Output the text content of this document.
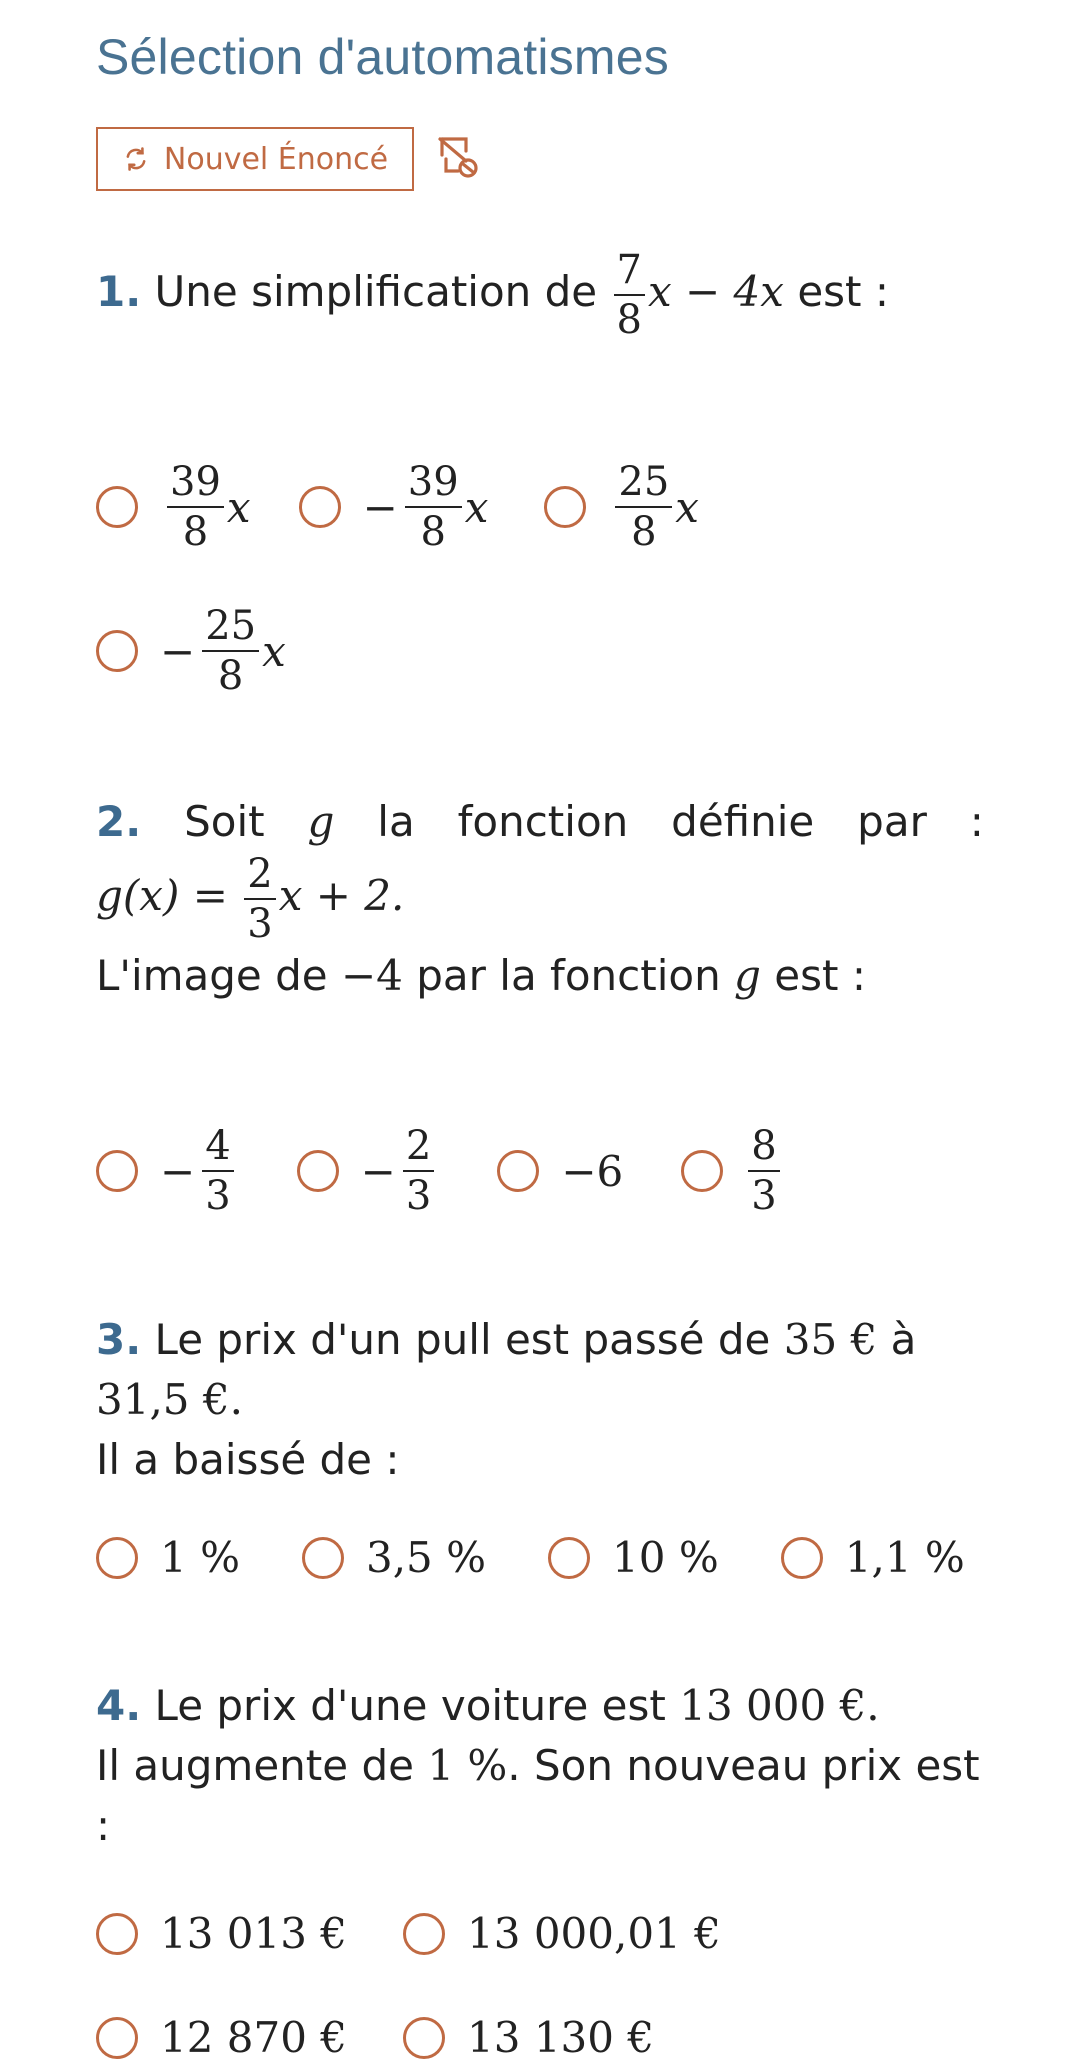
Sélection d'automatismes
Nouvel Énoncé
1. Une simplification de $\frac{7}{8}$ x − 4x est :
$\frac{39}{8}$ x	− $\frac{39}{8}$ x	$\frac{25}{8}$ x
− $\frac{25}{8}$ x
2. Soit g la fonction définie par :
$g(x) = \frac{2}{3}$ x + 2.
L'image de −4 par la fonction g est :
− $\frac{4}{3}$	− $\frac{2}{3}$	−6	$\frac{8}{3}$
3. Le prix d'un pull est passé de 35 € à 31,5 €.
Il a baissé de :
1 %	3,5 %	10 %	1,1 %
4. Le prix d'une voiture est 13 000 €.
Il augmente de 1 %. Son nouveau prix est :
13 013 €	13 000,01 €
12 870 €	13 130 €
